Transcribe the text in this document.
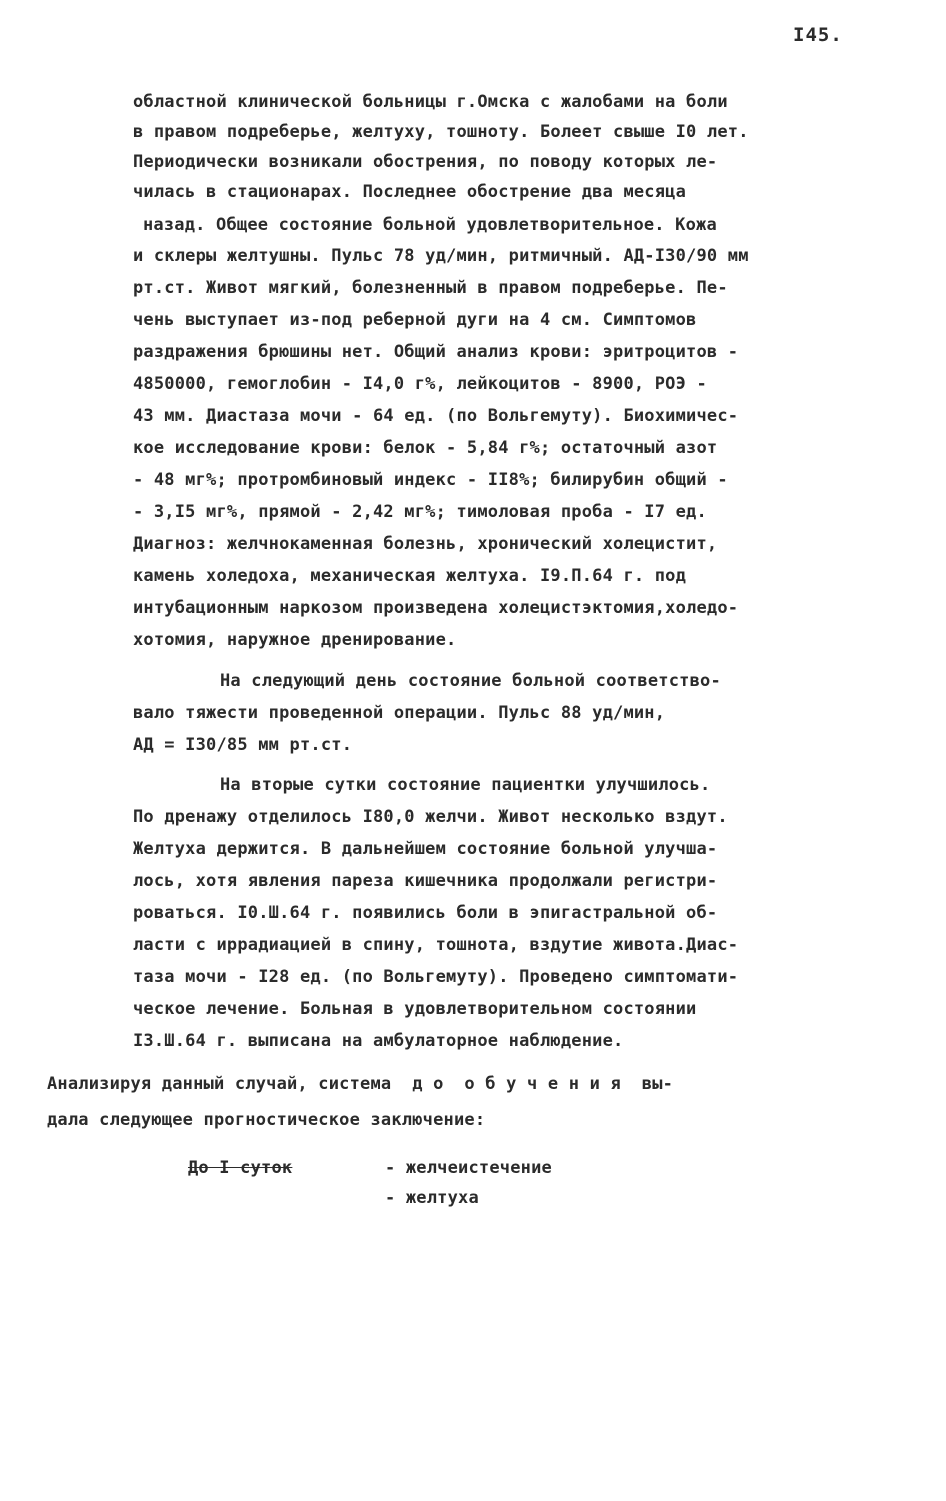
I45.
областной клинической больницы г.Омска с жалобами на боли
в правом подреберье, желтуху, тошноту. Болеет свыше I0 лет.
Периодически возникали обострения, по поводу которых ле-
чилась в стационарах. Последнее обострение два месяца
назад. Общее состояние больной удовлетворительное. Кожа
и склеры желтушны. Пульс 78 уд/мин, ритмичный. АД-I30/90 мм
рт.ст. Живот мягкий, болезненный в правом подреберье. Пе-
чень выступает из-под реберной дуги на 4 см. Симптомов
раздражения брюшины нет. Общий анализ крови: эритроцитов -
4850000, гемоглобин - I4,0 г%, лейкоцитов - 8900, РОЭ -
43 мм. Диастаза мочи - 64 ед. (по Вольгемуту). Биохимичес-
кое исследование крови: белок - 5,84 г%; остаточный азот
- 48 мг%; протромбиновый индекс - II8%; билирубин общий -
- 3,I5 мг%, прямой - 2,42 мг%; тимоловая проба - I7 ед.
Диагноз: желчнокаменная болезнь, хронический холецистит,
камень холедоха, механическая желтуха. I9.П.64 г. под
интубационным наркозом произведена холецистэктомия,холедо-
хотомия, наружное дренирование.
На следующий день состояние больной соответство-
вало тяжести проведенной операции. Пульс 88 уд/мин,
АД = I30/85 мм рт.ст.
На вторые сутки состояние пациентки улучшилось.
По дренажу отделилось I80,0 желчи. Живот несколько вздут.
Желтуха держится. В дальнейшем состояние больной улучша-
лось, хотя явления пареза кишечника продолжали регистри-
роваться. I0.Ш.64 г. появились боли в эпигастральной об-
ласти с иррадиацией в спину, тошнота, вздутие живота.Диас-
таза мочи - I28 ед. (по Вольгемуту). Проведено симптомати-
ческое лечение. Больная в удовлетворительном состоянии
I3.Ш.64 г. выписана на амбулаторное наблюдение.
Анализируя данный случай, система  д о  о б у ч е н и я  вы-
дала следующее прогностическое заключение:
До I суток	- желчеистечение
- желтуха
